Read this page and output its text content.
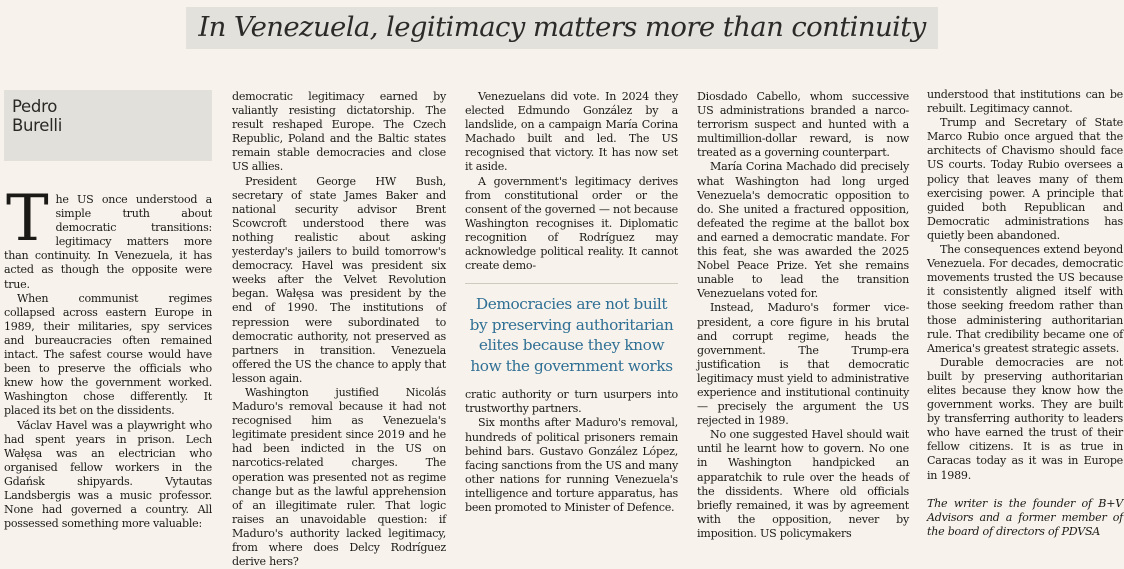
In Venezuela, legitimacy matters more than continuity
Pedro
Burelli

The US once understood a simple truth about democratic transitions: legitimacy matters more than continuity. In Venezuela, it has acted as though the opposite were true.

When communist regimes collapsed across eastern Europe in 1989, their militaries, spy services and bureaucracies often remained intact. The safest course would have been to preserve the officials who knew how the government worked. Washington chose differently. It placed its bet on the dissidents.

Václav Havel was a playwright who had spent years in prison. Lech Wałęsa was an electrician who organised fellow workers in the Gdańsk shipyards. Vytautas Landsbergis was a music professor. None had governed a country. All possessed something more valuable:

democratic legitimacy earned by valiantly resisting dictatorship. The result reshaped Europe. The Czech Republic, Poland and the Baltic states remain stable democracies and close US allies.

President George HW Bush, secretary of state James Baker and national security advisor Brent Scowcroft understood there was nothing realistic about asking yesterday's jailers to build tomorrow's democracy. Havel was president six weeks after the Velvet Revolution began. Wałęsa was president by the end of 1990. The institutions of repression were subordinated to democratic authority, not preserved as partners in transition. Venezuela offered the US the chance to apply that lesson again.

Washington justified Nicolás Maduro's removal because it had not recognised him as Venezuela's legitimate president since 2019 and he had been indicted in the US on narcotics-related charges. The operation was presented not as regime change but as the lawful apprehension of an illegitimate ruler. That logic raises an unavoidable question: if Maduro's authority lacked legitimacy, from where does Delcy Rodríguez derive hers?

Venezuelans did vote. In 2024 they elected Edmundo González by a landslide, on a campaign María Corina Machado built and led. The US recognised that victory. It has now set it aside.

A government's legitimacy derives from constitutional order or the consent of the governed — not because Washington recognises it. Diplomatic recognition of Rodríguez may acknowledge political reality. It cannot create demo-

Democracies are not built by preserving authoritarian elites because they know how the government works

cratic authority or turn usurpers into trustworthy partners.

Six months after Maduro's removal, hundreds of political prisoners remain behind bars. Gustavo González López, facing sanctions from the US and many other nations for running Venezuela's intelligence and torture apparatus, has been promoted to Minister of Defence.

Diosdado Cabello, whom successive US administrations branded a narco-terrorism suspect and hunted with a multimillion-dollar reward, is now treated as a governing counterpart.

María Corina Machado did precisely what Washington had long urged Venezuela's democratic opposition to do. She united a fractured opposition, defeated the regime at the ballot box and earned a democratic mandate. For this feat, she was awarded the 2025 Nobel Peace Prize. Yet she remains unable to lead the transition Venezuelans voted for.

Instead, Maduro's former vice-president, a core figure in his brutal and corrupt regime, heads the government. The Trump-era justification is that democratic legitimacy must yield to administrative experience and institutional continuity — precisely the argument the US rejected in 1989.

No one suggested Havel should wait until he learnt how to govern. No one in Washington handpicked an apparatchik to rule over the heads of the dissidents. Where old officials briefly remained, it was by agreement with the opposition, never by imposition. US policymakers

understood that institutions can be rebuilt. Legitimacy cannot.

Trump and Secretary of State Marco Rubio once argued that the architects of Chavismo should face US courts. Today Rubio oversees a policy that leaves many of them exercising power. A principle that guided both Republican and Democratic administrations has quietly been abandoned.

The consequences extend beyond Venezuela. For decades, democratic movements trusted the US because it consistently aligned itself with those seeking freedom rather than those administering authoritarian rule. That credibility became one of America's greatest strategic assets.

Durable democracies are not built by preserving authoritarian elites because they know how the government works. They are built by transferring authority to leaders who have earned the trust of their fellow citizens. It is as true in Caracas today as it was in Europe in 1989.

The writer is the founder of B+V Advisors and a former member of the board of directors of PDVSA
